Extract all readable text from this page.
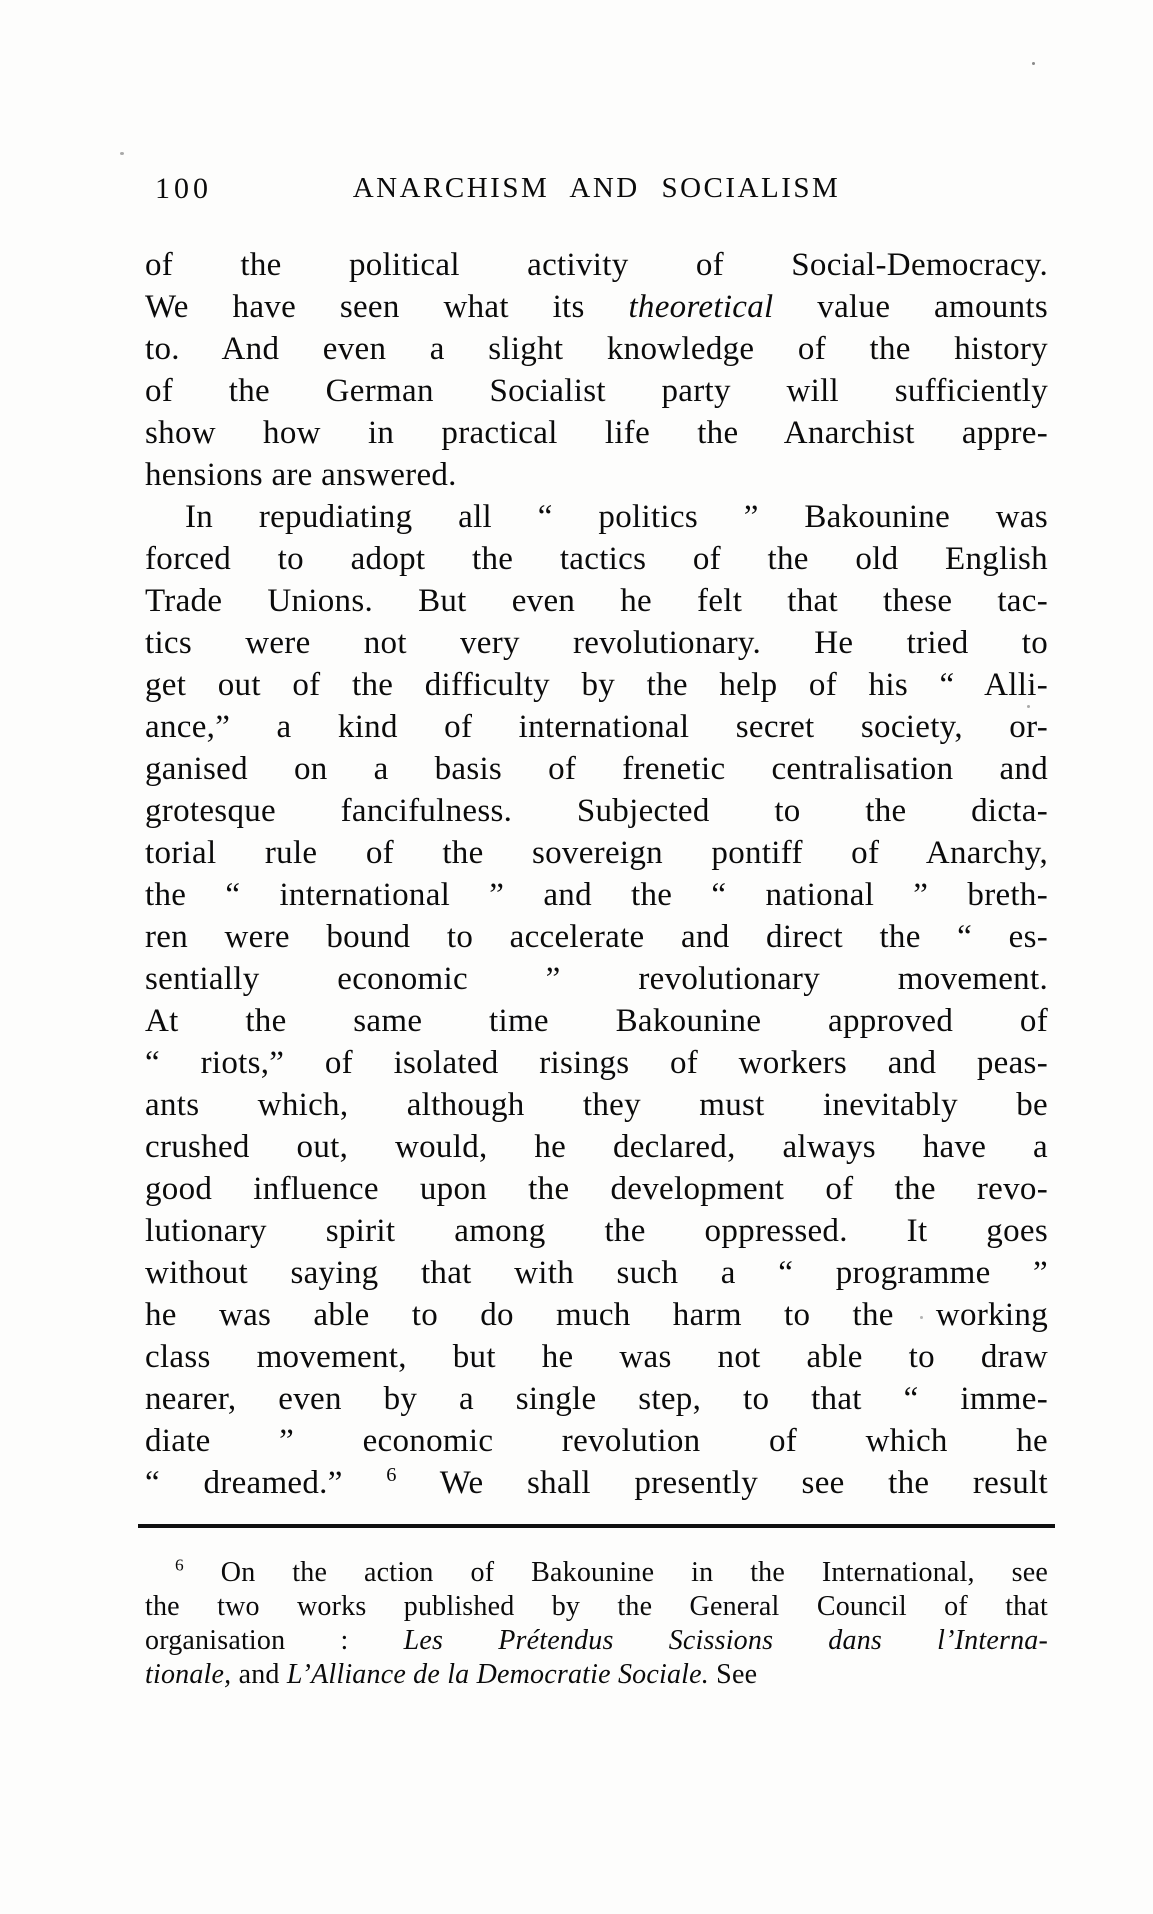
100	ANARCHISM AND SOCIALISM
of the political activity of Social-Democracy.
We have seen what its theoretical value amounts
to. And even a slight knowledge of the history
of the German Socialist party will sufficiently
show how in practical life the Anarchist appre-
hensions are answered.
In repudiating all “ politics ” Bakounine was
forced to adopt the tactics of the old English
Trade Unions. But even he felt that these tac-
tics were not very revolutionary. He tried to
get out of the difficulty by the help of his “ Alli-
ance,” a kind of international secret society, or-
ganised on a basis of frenetic centralisation and
grotesque fancifulness. Subjected to the dicta-
torial rule of the sovereign pontiff of Anarchy,
the “ international ” and the “ national ” breth-
ren were bound to accelerate and direct the “ es-
sentially economic ” revolutionary movement.
At the same time Bakounine approved of
“ riots,” of isolated risings of workers and peas-
ants which, although they must inevitably be
crushed out, would, he declared, always have a
good influence upon the development of the revo-
lutionary spirit among the oppressed. It goes
without saying that with such a “ programme ”
he was able to do much harm to the working
class movement, but he was not able to draw
nearer, even by a single step, to that “ imme-
diate ” economic revolution of which he
“ dreamed.” $^6$ We shall presently see the result
$^6$ On the action of Bakounine in the International, see
the two works published by the General Council of that
organisation : Les Prétendus Scissions dans l’Interna-
tionale, and L’Alliance de la Democratie Sociale. See
